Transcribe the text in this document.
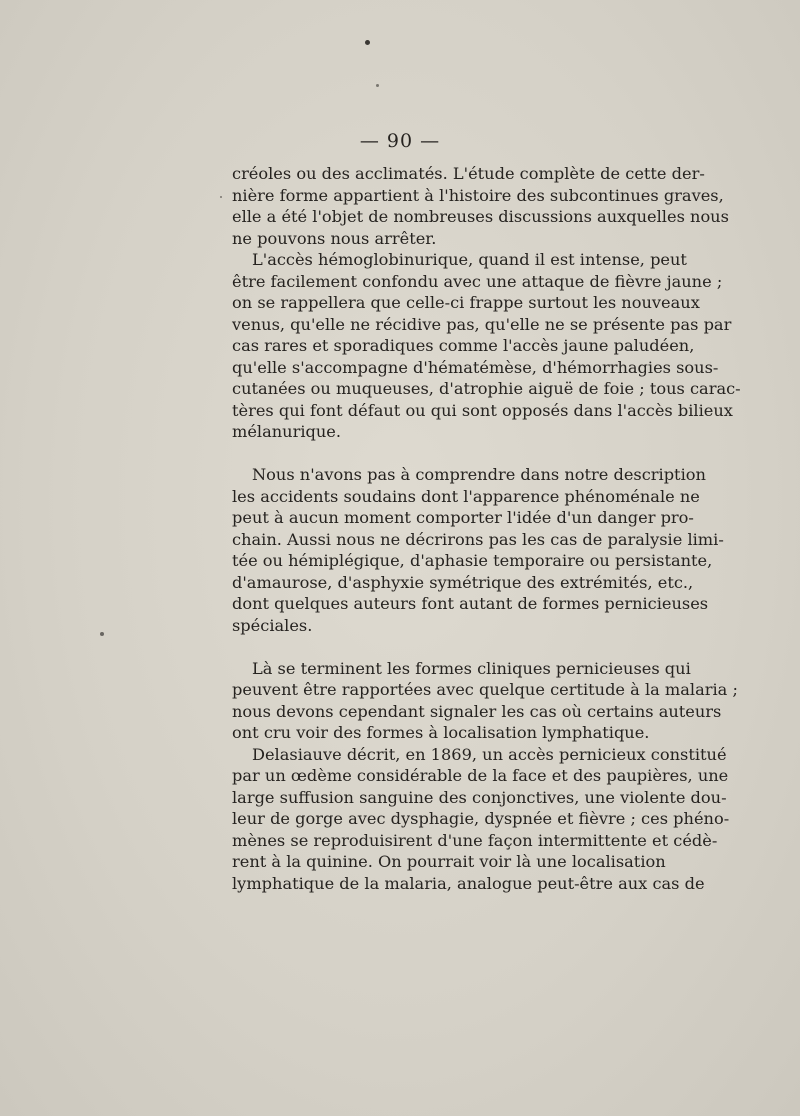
— 90 —
créoles ou des acclimatés. L'étude complète de cette der-
nière forme appartient à l'histoire des subcontinues graves,
elle a été l'objet de nombreuses discussions auxquelles nous
ne pouvons nous arrêter.
L'accès hémoglobinurique, quand il est intense, peut
être facilement confondu avec une attaque de fièvre jaune ;
on se rappellera que celle-ci frappe surtout les nouveaux
venus, qu'elle ne récidive pas, qu'elle ne se présente pas par
cas rares et sporadiques comme l'accès jaune paludéen,
qu'elle s'accompagne d'hématémèse, d'hémorrhagies sous-
cutanées ou muqueuses, d'atrophie aiguë de foie ; tous carac-
tères qui font défaut ou qui sont opposés dans l'accès bilieux
mélanurique.
Nous n'avons pas à comprendre dans notre description
les accidents soudains dont l'apparence phénoménale ne
peut à aucun moment comporter l'idée d'un danger pro-
chain. Aussi nous ne décrirons pas les cas de paralysie limi-
tée ou hémiplégique, d'aphasie temporaire ou persistante,
d'amaurose, d'asphyxie symétrique des extrémités, etc.,
dont quelques auteurs font autant de formes pernicieuses
spéciales.
Là se terminent les formes cliniques pernicieuses qui
peuvent être rapportées avec quelque certitude à la malaria ;
nous devons cependant signaler les cas où certains auteurs
ont cru voir des formes à localisation lymphatique.
Delasiauve décrit, en 1869, un accès pernicieux constitué
par un œdème considérable de la face et des paupières, une
large suffusion sanguine des conjonctives, une violente dou-
leur de gorge avec dysphagie, dyspnée et fièvre ; ces phéno-
mènes se reproduisirent d'une façon intermittente et cédè-
rent à la quinine. On pourrait voir là une localisation
lymphatique de la malaria, analogue peut-être aux cas de
